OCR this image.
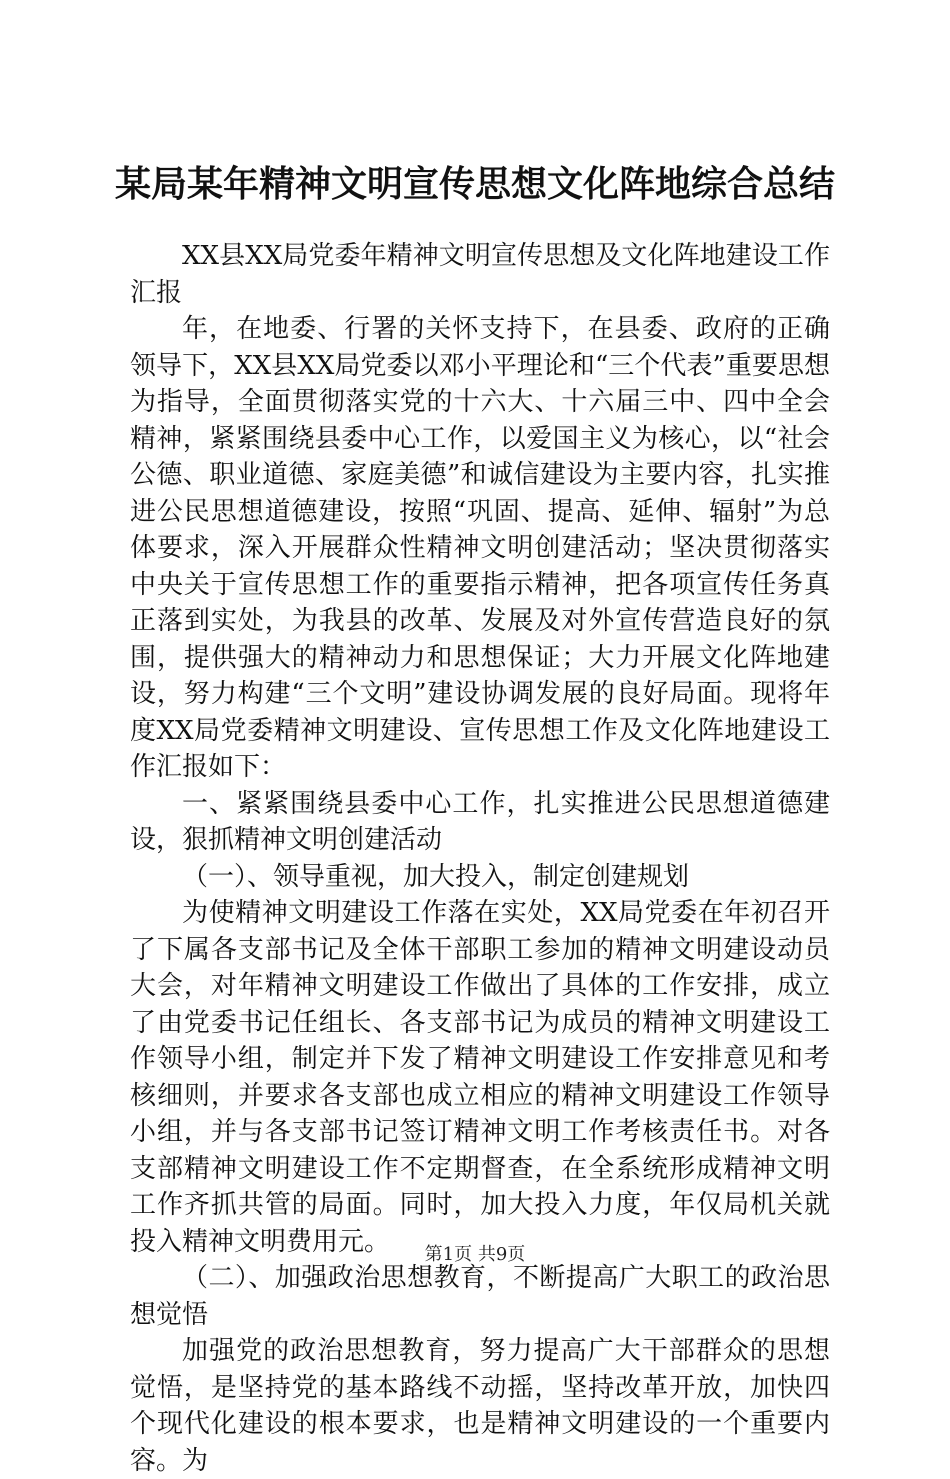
某局某年精神文明宣传思想文化阵地综合总结

XX县XX局党委年精神文明宣传思想及文化阵地建设工作汇报

年，在地委、行署的关怀支持下，在县委、政府的正确领导下，XX县XX局党委以邓小平理论和“三个代表”重要思想为指导，全面贯彻落实党的十六大、十六届三中、四中全会精神，紧紧围绕县委中心工作，以爱国主义为核心，以“社会公德、职业道德、家庭美德”和诚信建设为主要内容，扎实推进公民思想道德建设，按照“巩固、提高、延伸、辐射”为总体要求，深入开展群众性精神文明创建活动；坚决贯彻落实中央关于宣传思想工作的重要指示精神，把各项宣传任务真正落到实处，为我县的改革、发展及对外宣传营造良好的氛围，提供强大的精神动力和思想保证；大力开展文化阵地建设，努力构建“三个文明”建设协调发展的良好局面。现将年度XX局党委精神文明建设、宣传思想工作及文化阵地建设工作汇报如下：

一、紧紧围绕县委中心工作，扎实推进公民思想道德建设，狠抓精神文明创建活动

（一）、领导重视，加大投入，制定创建规划

为使精神文明建设工作落在实处，XX局党委在年初召开了下属各支部书记及全体干部职工参加的精神文明建设动员大会，对年精神文明建设工作做出了具体的工作安排，成立了由党委书记任组长、各支部书记为成员的精神文明建设工作领导小组，制定并下发了精神文明建设工作安排意见和考核细则，并要求各支部也成立相应的精神文明建设工作领导小组，并与各支部书记签订精神文明工作考核责任书。对各支部精神文明建设工作不定期督查，在全系统形成精神文明工作齐抓共管的局面。同时，加大投入力度，年仅局机关就投入精神文明费用元。

（二）、加强政治思想教育，不断提高广大职工的政治思想觉悟

加强党的政治思想教育，努力提高广大干部群众的思想觉悟，是坚持党的基本路线不动摇，坚持改革开放，加快四个现代化建设的根本要求，也是精神文明建设的一个重要内容。为

第1页 共9页
